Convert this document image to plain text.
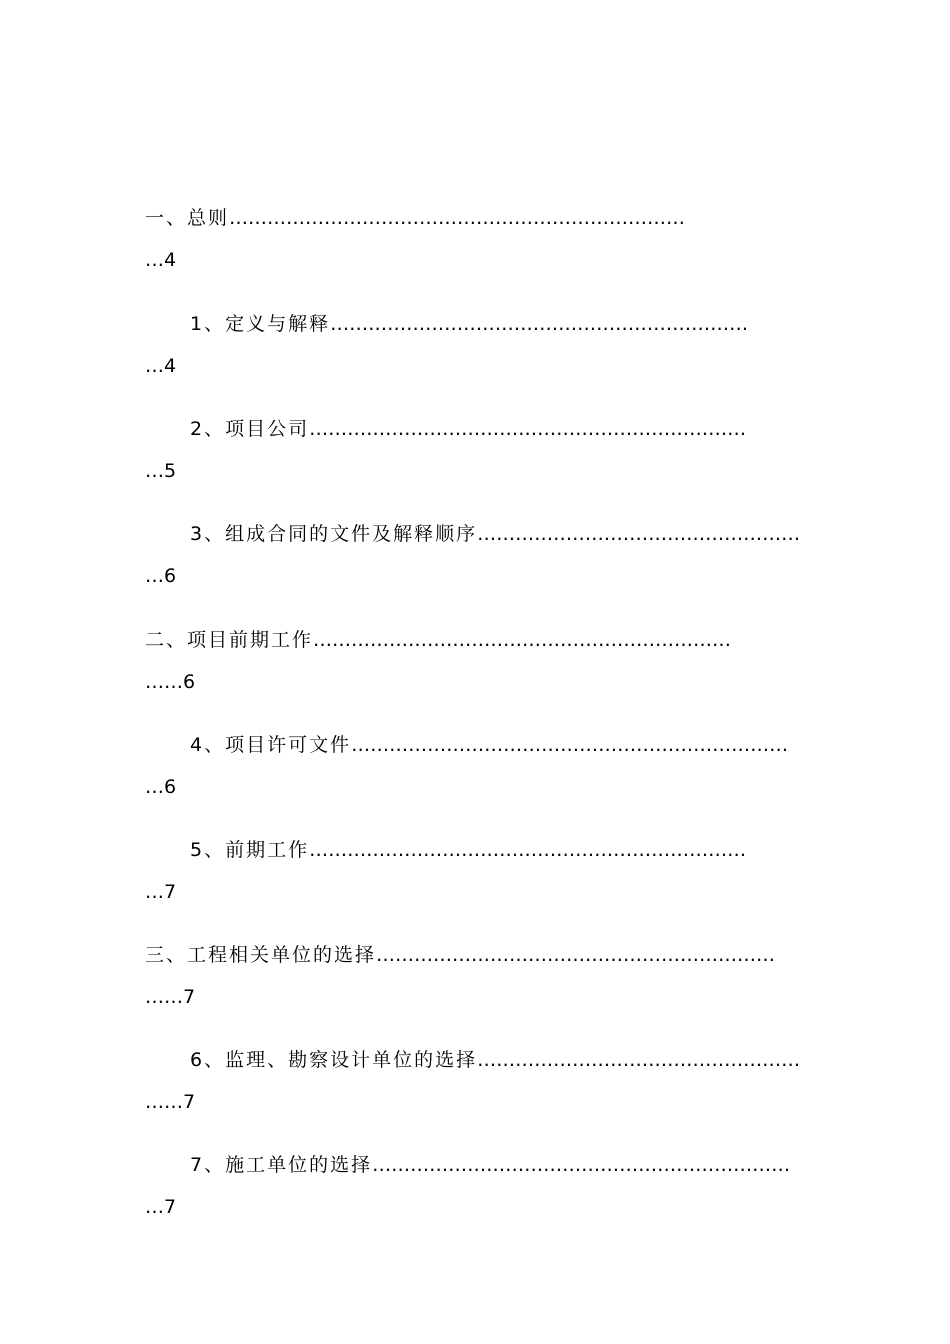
一、总则………………………………………………………………
…4
1、定义与解释…………………………………………………………
…4
2、项目公司……………………………………………………………
…5
3、组成合同的文件及解释顺序……………………………………………
…6
二、项目前期工作…………………………………………………………
……6
4、项目许可文件……………………………………………………………
…6
5、前期工作……………………………………………………………
…7
三、工程相关单位的选择………………………………………………………
……7
6、监理、勘察设计单位的选择……………………………………………
……7
7、施工单位的选择…………………………………………………………
…7
